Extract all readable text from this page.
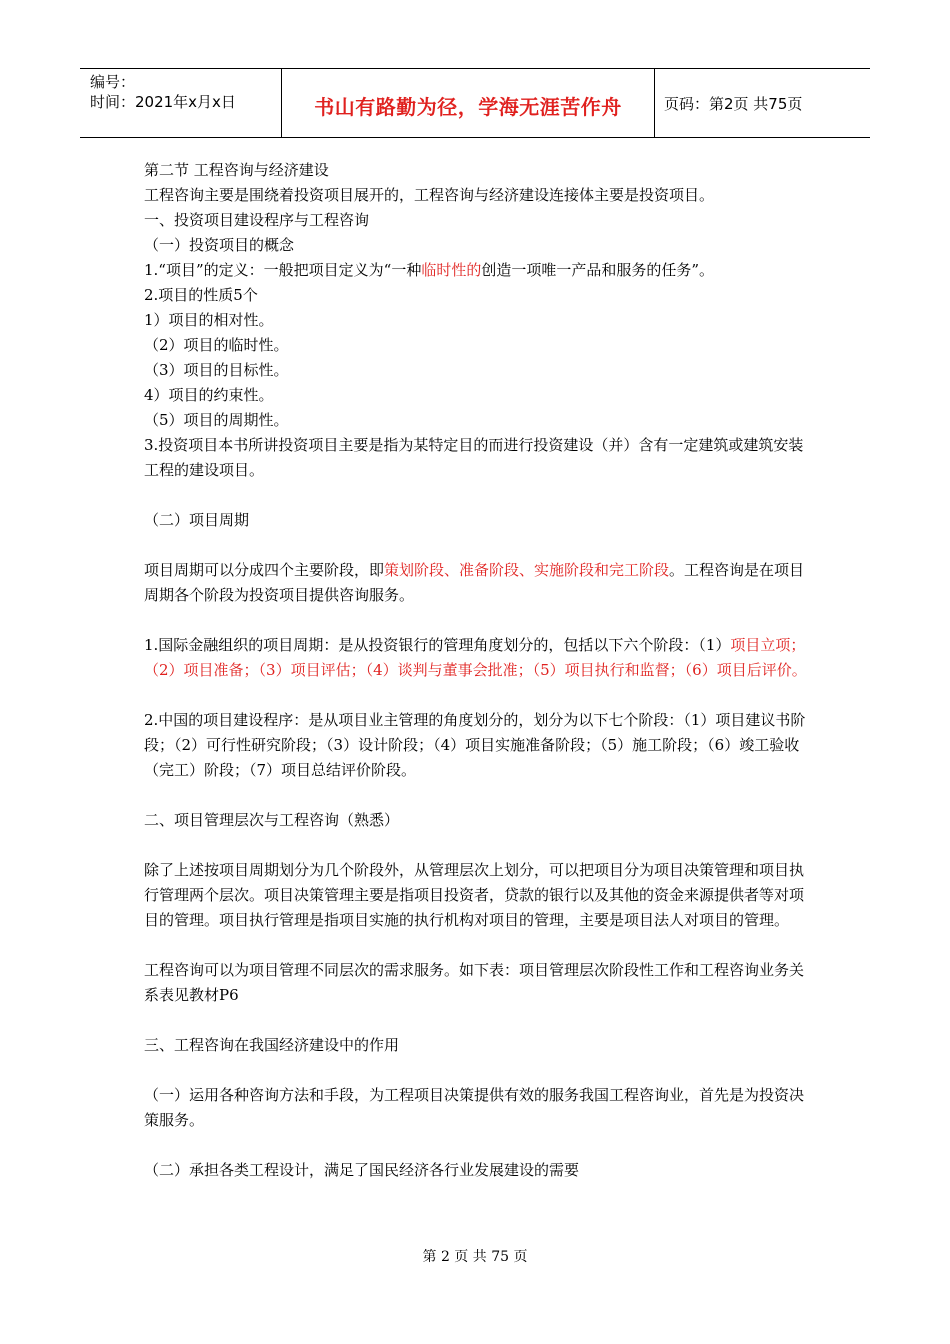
编号：
时间：2021年x月x日	书山有路勤为径，学海无涯苦作舟	页码：第2页 共75页

第二节 工程咨询与经济建设

工程咨询主要是围绕着投资项目展开的，工程咨询与经济建设连接体主要是投资项目。

一、投资项目建设程序与工程咨询

（一）投资项目的概念

1.“项目”的定义：一般把项目定义为“一种临时性的创造一项唯一产品和服务的任务”。

2.项目的性质5个

1）项目的相对性。

（2）项目的临时性。

（3）项目的目标性。

4）项目的约束性。

（5）项目的周期性。

3.投资项目本书所讲投资项目主要是指为某特定目的而进行投资建设（并）含有一定建筑或建筑安装工程的建设项目。

（二）项目周期

项目周期可以分成四个主要阶段，即策划阶段、准备阶段、实施阶段和完工阶段。工程咨询是在项目周期各个阶段为投资项目提供咨询服务。

1.国际金融组织的项目周期：是从投资银行的管理角度划分的，包括以下六个阶段：（1）项目立项；（2）项目准备；（3）项目评估；（4）谈判与董事会批准；（5）项目执行和监督；（6）项目后评价。

2.中国的项目建设程序：是从项目业主管理的角度划分的，划分为以下七个阶段：（1）项目建议书阶段；（2）可行性研究阶段；（3）设计阶段；（4）项目实施准备阶段；（5）施工阶段；（6）竣工验收（完工）阶段；（7）项目总结评价阶段。

二、项目管理层次与工程咨询（熟悉）

除了上述按项目周期划分为几个阶段外，从管理层次上划分，可以把项目分为项目决策管理和项目执行管理两个层次。项目决策管理主要是指项目投资者，贷款的银行以及其他的资金来源提供者等对项目的管理。项目执行管理是指项目实施的执行机构对项目的管理，主要是项目法人对项目的管理。

工程咨询可以为项目管理不同层次的需求服务。如下表：项目管理层次阶段性工作和工程咨询业务关系表见教材P6

三、工程咨询在我国经济建设中的作用

（一）运用各种咨询方法和手段，为工程项目决策提供有效的服务我国工程咨询业，首先是为投资决策服务。

（二）承担各类工程设计，满足了国民经济各行业发展建设的需要

第 2 页 共 75 页
